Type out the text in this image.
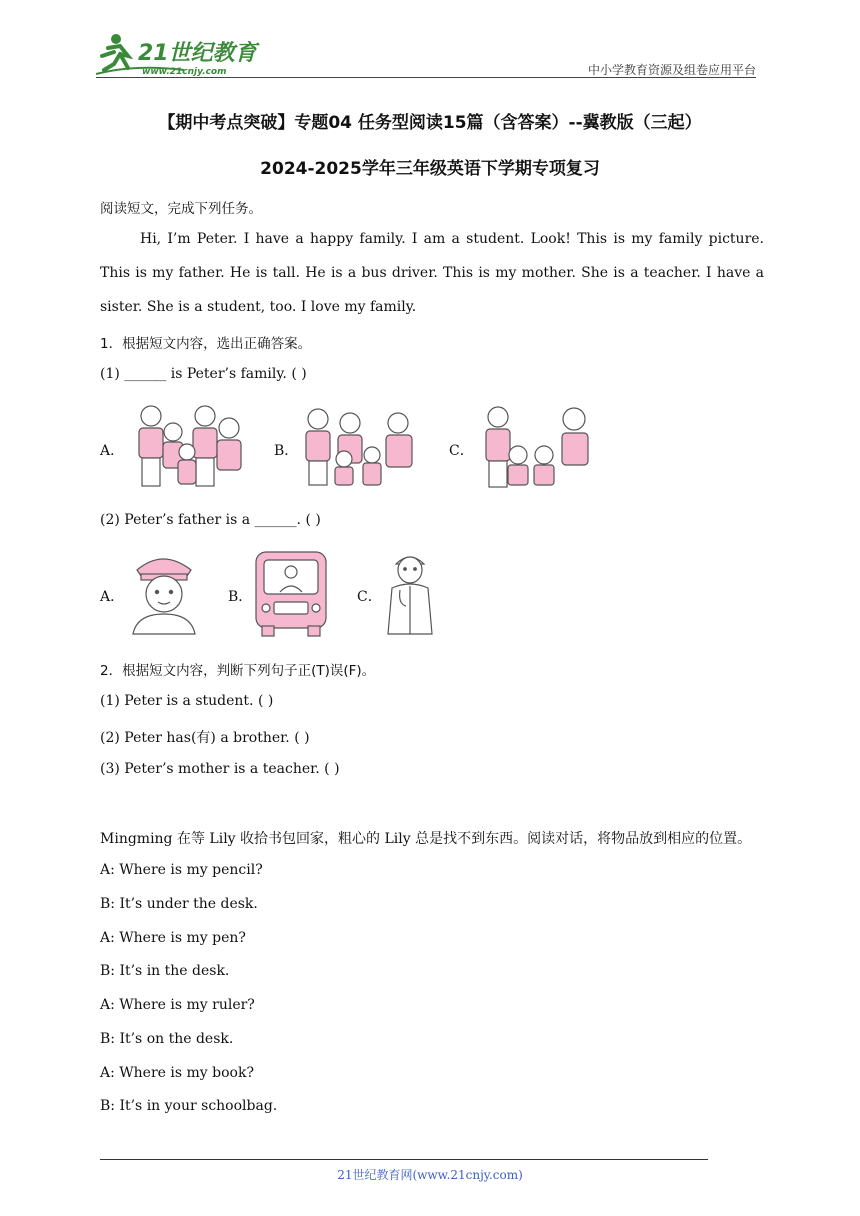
21世纪教育
www.21cnjy.com	中小学教育资源及组卷应用平台
【期中考点突破】专题04 任务型阅读15篇（含答案）--冀教版（三起）
2024-2025学年三年级英语下学期专项复习
阅读短文，完成下列任务。
Hi, I’m Peter. I have a happy family. I am a student. Look! This is my family picture. This is my father. He is tall. He is a bus driver. This is my mother. She is a teacher. I have a sister. She is a student, too. I love my family.
1．根据短文内容，选出正确答案。
(1) ______ is Peter’s family. ( )
A．	B．	C．
(2) Peter’s father is a ______. ( )
A．	B．	C．
2．根据短文内容，判断下列句子正(T)误(F)。
(1) Peter is a student. ( )
(2) Peter has(有) a brother. ( )
(3) Peter’s mother is a teacher. ( )
Mingming 在等 Lily 收拾书包回家，粗心的 Lily 总是找不到东西。阅读对话，将物品放到相应的位置。
A: Where is my pencil?
B: It’s under the desk.
A: Where is my pen?
B: It’s in the desk.
A: Where is my ruler?
B: It’s on the desk.
A: Where is my book?
B: It’s in your schoolbag.
21世纪教育网(www.21cnjy.com)
